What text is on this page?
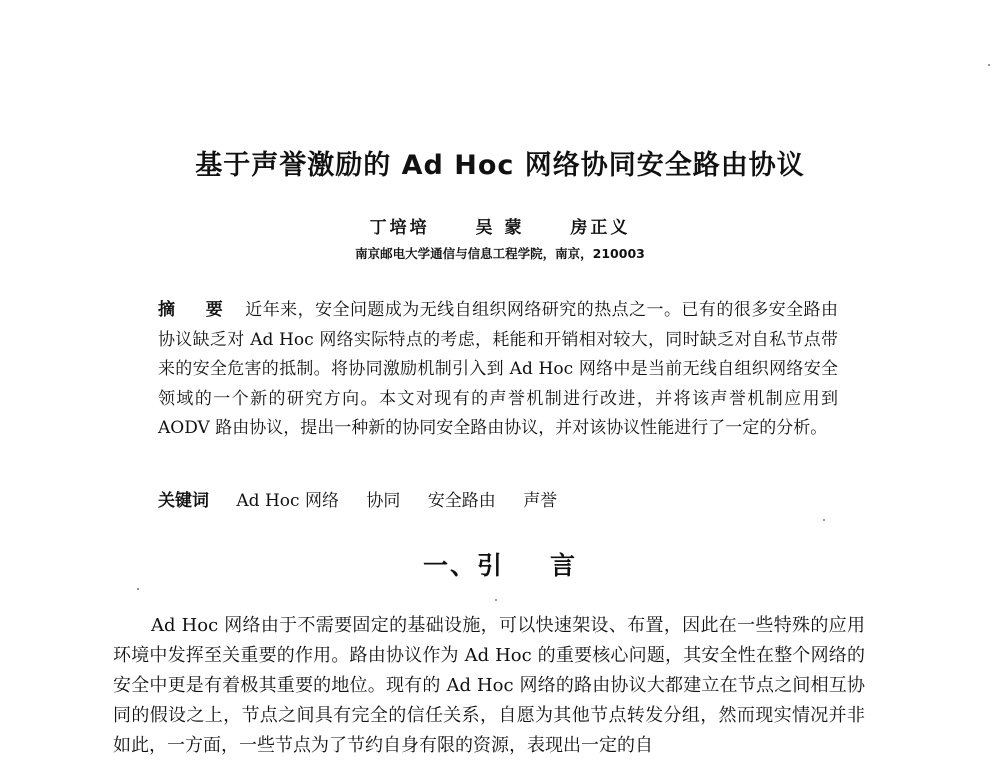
基于声誉激励的 Ad Hoc 网络协同安全路由协议
丁培培	吴 蒙	房正义
南京邮电大学通信与信息工程学院，南京，210003
摘 要 近年来，安全问题成为无线自组织网络研究的热点之一。已有的很多安全路由协议缺乏对 Ad Hoc 网络实际特点的考虑，耗能和开销相对较大，同时缺乏对自私节点带来的安全危害的抵制。将协同激励机制引入到 Ad Hoc 网络中是当前无线自组织网络安全领域的一个新的研究方向。本文对现有的声誉机制进行改进，并将该声誉机制应用到 AODV 路由协议，提出一种新的协同安全路由协议，并对该协议性能进行了一定的分析。
关键词 Ad Hoc 网络 协同 安全路由 声誉
一、引 言
Ad Hoc 网络由于不需要固定的基础设施，可以快速架设、布置，因此在一些特殊的应用环境中发挥至关重要的作用。路由协议作为 Ad Hoc 的重要核心问题，其安全性在整个网络的安全中更是有着极其重要的地位。现有的 Ad Hoc 网络的路由协议大都建立在节点之间相互协同的假设之上，节点之间具有完全的信任关系，自愿为其他节点转发分组，然而现实情况并非如此，一方面，一些节点为了节约自身有限的资源，表现出一定的自
